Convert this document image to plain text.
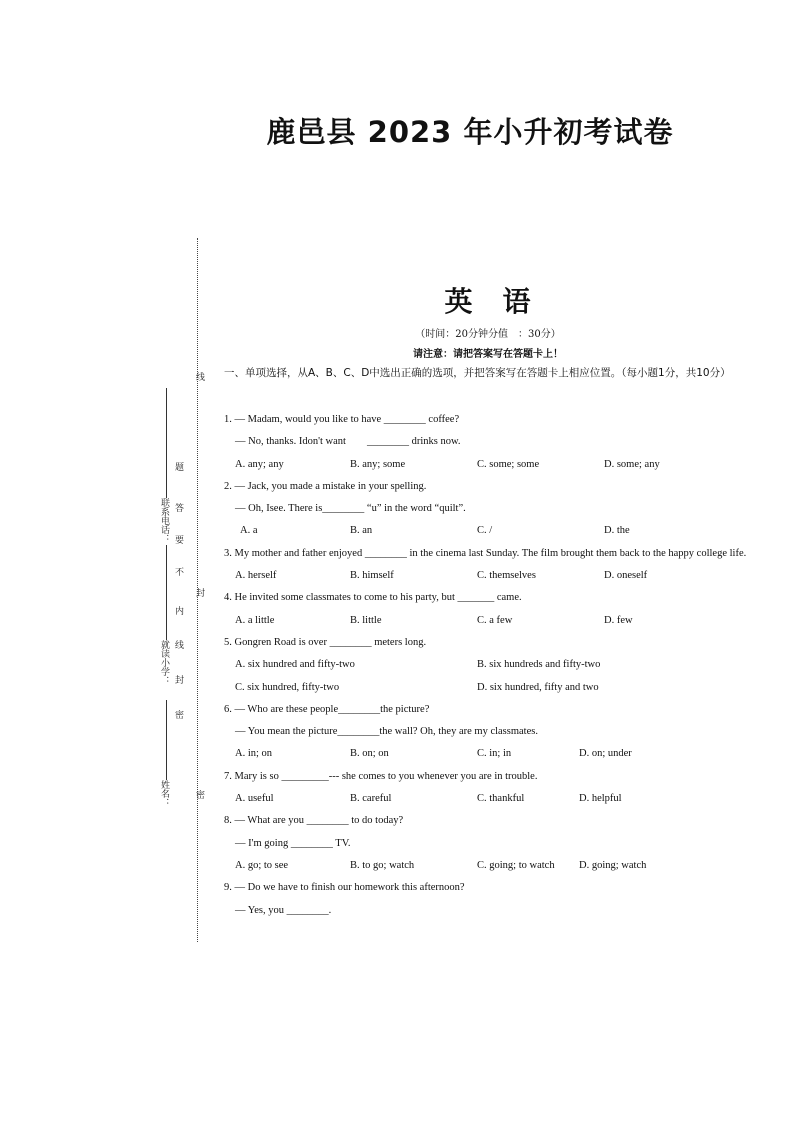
鹿邑县 2023 年小升初考试卷
英　语
（时间：20分钟分值　：30分）
请注意：请把答案写在答题卡上！
线
题
答
要
不
内
封
线
封
密
密
联系电话：
就读小学：
姓名：
一、单项选择，从A、B、C、D中选出正确的选项，并把答案写在答题卡上相应位置。（每小题1分，共10分）
1. — Madam, would you like to have ________ coffee?
— No, thanks. Idon't want　　________ drinks now.
A. any; any	B. any; some	C. some; some	D. some; any
2. — Jack, you made a mistake in your spelling.
— Oh, Isee. There is________ “u” in the word “quilt”.
A. a	B. an	C. /	D. the
3. My mother and father enjoyed ________ in the cinema last Sunday. The film brought them back to the happy college life.
A. herself	B. himself	C. themselves	D. oneself
4. He invited some classmates to come to his party, but _______ came.
A. a little	B. little	C. a few	D. few
5. Gongren Road is over ________ meters long.
A. six hundred and fifty-two	B. six hundreds and fifty-two
C. six hundred, fifty-two	D. six hundred, fifty and two
6. — Who are these people________the picture?
— You mean the picture________the wall? Oh, they are my classmates.
A. in; on	B. on; on	C. in; in	D. on; under
7. Mary is so _________--- she comes to you whenever you are in trouble.
A. useful	B. careful	C. thankful	D. helpful
8. — What are you ________ to do today?
— I'm going ________ TV.
A. go; to see	B. to go; watch	C. going; to watch D. going; watch
9. — Do we have to finish our homework this afternoon?
— Yes, you ________.
